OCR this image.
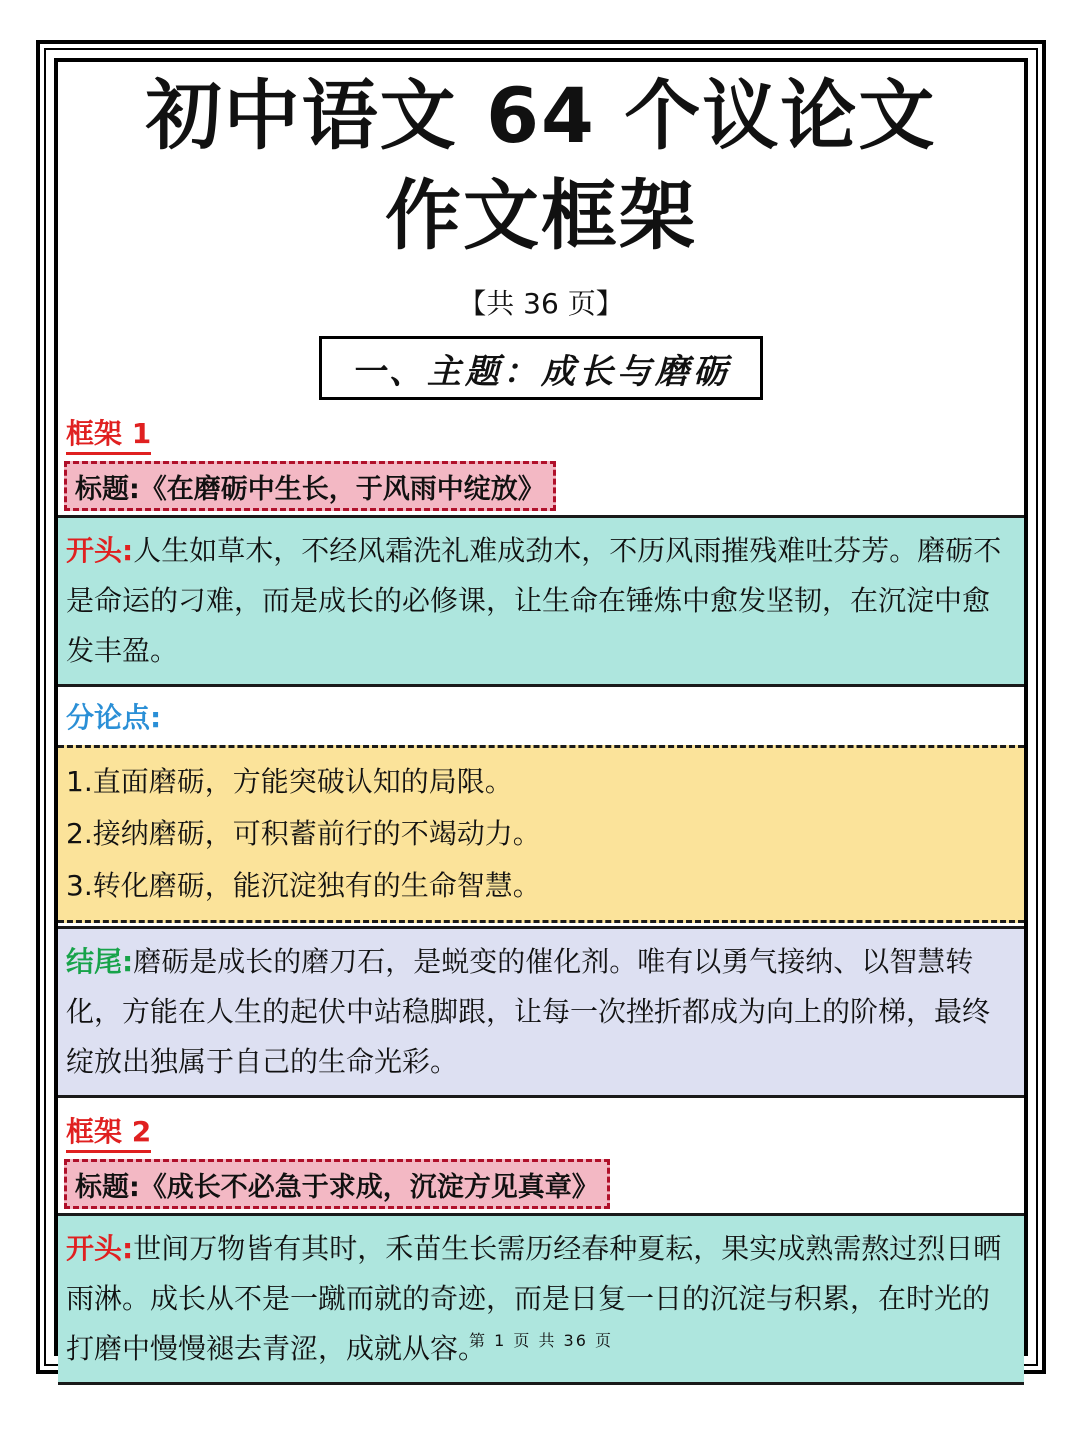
初中语文 64 个议论文
作文框架
【共 36 页】
一、主题：成长与磨砺
框架 1
标题:《在磨砺中生长，于风雨中绽放》

开头:人生如草木，不经风霜洗礼难成劲木，不历风雨摧残难吐芬芳。磨砺不是命运的刁难，而是成长的必修课，让生命在锤炼中愈发坚韧，在沉淀中愈发丰盈。

分论点:

1.直面磨砺，方能突破认知的局限。

2.接纳磨砺，可积蓄前行的不竭动力。

3.转化磨砺，能沉淀独有的生命智慧。

结尾:磨砺是成长的磨刀石，是蜕变的催化剂。唯有以勇气接纳、以智慧转化，方能在人生的起伏中站稳脚跟，让每一次挫折都成为向上的阶梯，最终绽放出独属于自己的生命光彩。

框架 2
标题:《成长不必急于求成，沉淀方见真章》

开头:世间万物皆有其时，禾苗生长需历经春种夏耘，果实成熟需熬过烈日晒雨淋。成长从不是一蹴而就的奇迹，而是日复一日的沉淀与积累，在时光的打磨中慢慢褪去青涩，成就从容。

第 1 页 共 36 页
